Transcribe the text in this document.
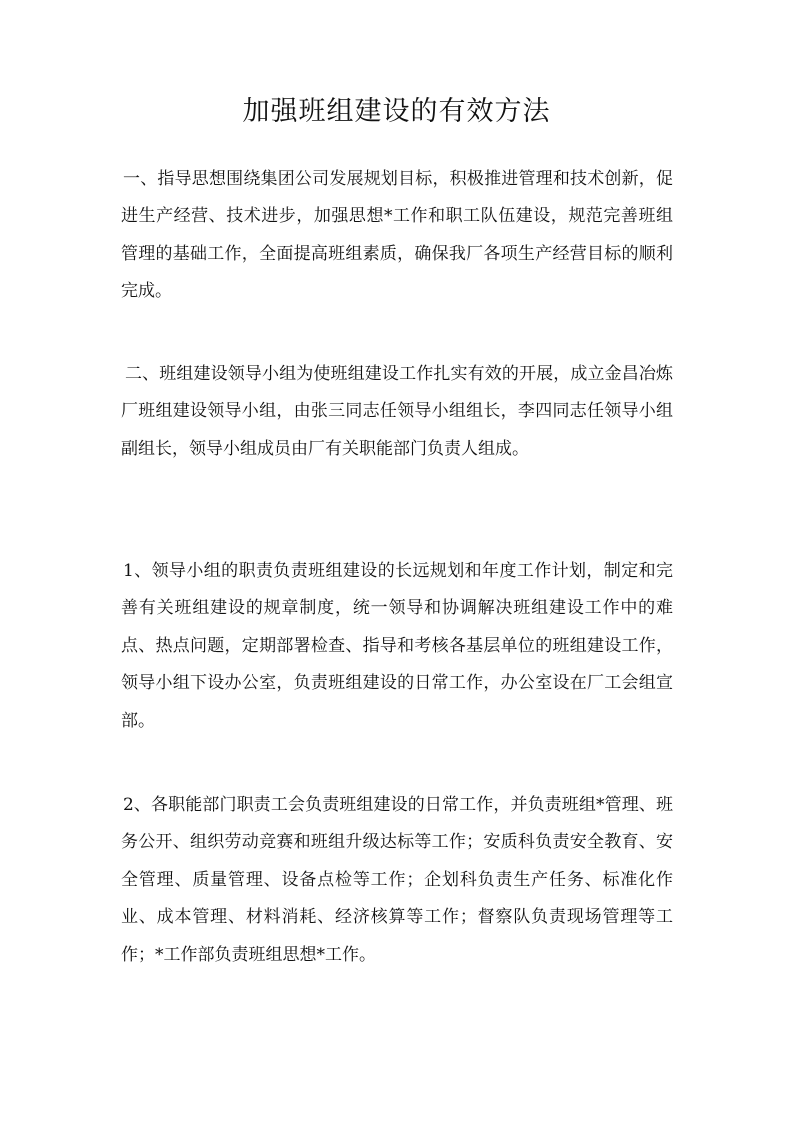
加强班组建设的有效方法

一、指导思想围绕集团公司发展规划目标，积极推进管理和技术创新，促进生产经营、技术进步，加强思想*工作和职工队伍建设，规范完善班组管理的基础工作，全面提高班组素质，确保我厂各项生产经营目标的顺利完成。

二、班组建设领导小组为使班组建设工作扎实有效的开展，成立金昌冶炼厂班组建设领导小组，由张三同志任领导小组组长，李四同志任领导小组副组长，领导小组成员由厂有关职能部门负责人组成。

1、领导小组的职责负责班组建设的长远规划和年度工作计划，制定和完善有关班组建设的规章制度，统一领导和协调解决班组建设工作中的难点、热点问题，定期部署检查、指导和考核各基层单位的班组建设工作，领导小组下设办公室，负责班组建设的日常工作，办公室设在厂工会组宣部。

2、各职能部门职责工会负责班组建设的日常工作，并负责班组*管理、班务公开、组织劳动竞赛和班组升级达标等工作；安质科负责安全教育、安全管理、质量管理、设备点检等工作；企划科负责生产任务、标准化作业、成本管理、材料消耗、经济核算等工作；督察队负责现场管理等工作；*工作部负责班组思想*工作。
